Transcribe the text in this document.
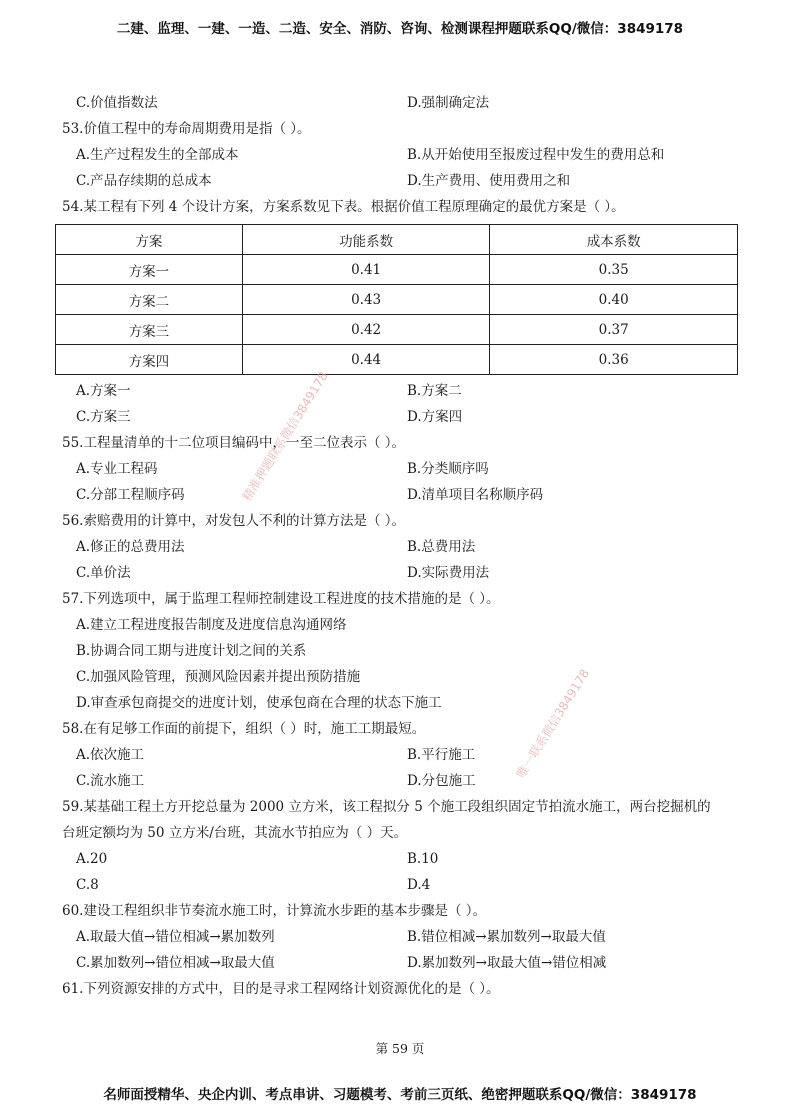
二建、监理、一建、一造、二造、安全、消防、咨询、检测课程押题联系QQ/微信：3849178
C.价值指数法	D.强制确定法
53.价值工程中的寿命周期费用是指（ ）。
A.生产过程发生的全部成本	B.从开始使用至报废过程中发生的费用总和
C.产品存续期的总成本	D.生产费用、使用费用之和
54.某工程有下列 4 个设计方案，方案系数见下表。根据价值工程原理确定的最优方案是（ ）。
方案	功能系数	成本系数
方案一	0.41	0.35
方案二	0.43	0.40
方案三	0.42	0.37
方案四	0.44	0.36
A.方案一	B.方案二
C.方案三	D.方案四
55.工程量清单的十二位项目编码中，一至二位表示（ ）。
A.专业工程码	B.分类顺序吗
C.分部工程顺序码	D.清单项目名称顺序码
56.索赔费用的计算中，对发包人不利的计算方法是（ ）。
A.修正的总费用法	B.总费用法
C.单价法	D.实际费用法
57.下列选项中，属于监理工程师控制建设工程进度的技术措施的是（ ）。
A.建立工程进度报告制度及进度信息沟通网络
B.协调合同工期与进度计划之间的关系
C.加强风险管理，预测风险因素并提出预防措施
D.审查承包商提交的进度计划，使承包商在合理的状态下施工
58.在有足够工作面的前提下，组织（ ）时，施工工期最短。
A.依次施工	B.平行施工
C.流水施工	D.分包施工
59.某基础工程土方开挖总量为 2000 立方米，该工程拟分 5 个施工段组织固定节拍流水施工，两台挖掘机的
台班定额均为 50 立方米/台班，其流水节拍应为（ ）天。
A.20	B.10
C.8	D.4
60.建设工程组织非节奏流水施工时，计算流水步距的基本步骤是（ ）。
A.取最大值→错位相减→累加数列	B.错位相减→累加数列→取最大值
C.累加数列→错位相减→取最大值	D.累加数列→取最大值→错位相减
61.下列资源安排的方式中，目的是寻求工程网络计划资源优化的是（ ）。
第 59 页
精准押题联系微信3849178
唯一联系微信3849178
名师面授精华、央企内训、考点串讲、习题模考、考前三页纸、绝密押题联系QQ/微信：3849178
